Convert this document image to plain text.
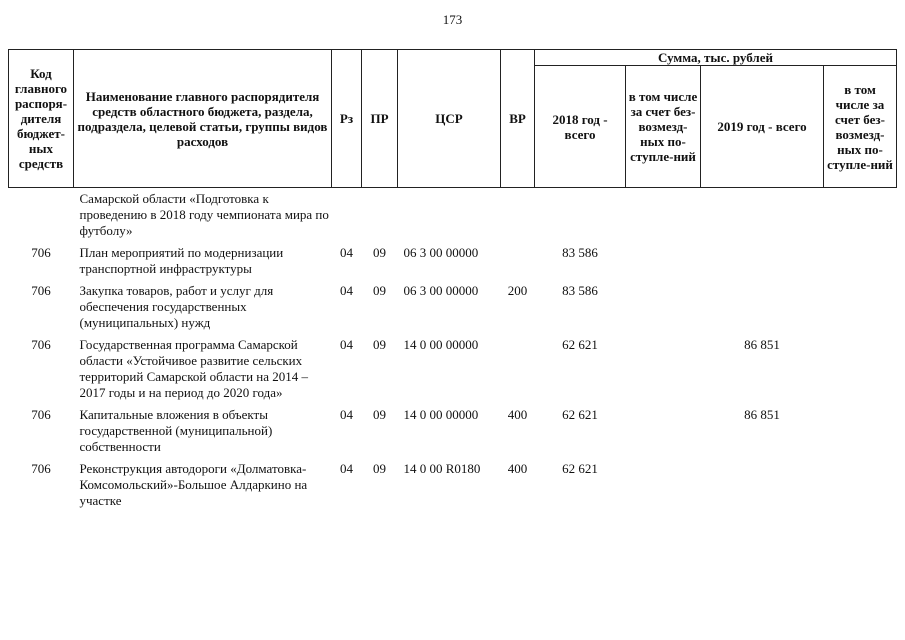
173
Код главного распоря-дителя бюджет-ных средств	Наименование главного распорядителя средств областного бюджета, раздела, подраздела, целевой статьи, группы видов расходов	Рз	ПР	ЦСР	ВР	Сумма, тыс. рублей			
						2018 год - всего	в том числе за счет без-возмезд-ных по-ступле-ний	2019 год - всего	в том числе за счет без-возмезд-ных по-ступле-ний
	Самарской области «Подготовка к проведению в 2018 году чемпионата мира по футболу»								
706	План мероприятий по модернизации транспортной инфраструктуры	04	09	06 3 00 00000		83 586			
706	Закупка товаров, работ и услуг для обеспечения государственных (муниципальных) нужд	04	09	06 3 00 00000	200	83 586			
706	Государственная программа Самарской области «Устойчивое развитие сельских территорий Самарской области на 2014 – 2017 годы и на период до 2020 года»	04	09	14 0 00 00000		62 621		86 851	
706	Капитальные вложения в объекты государственной (муниципальной) собственности	04	09	14 0 00 00000	400	62 621		86 851	
706	Реконструкция автодороги «Долматовка-Комсомольский»-Большое Алдаркино на участке	04	09	14 0 00 R0180	400	62 621			
